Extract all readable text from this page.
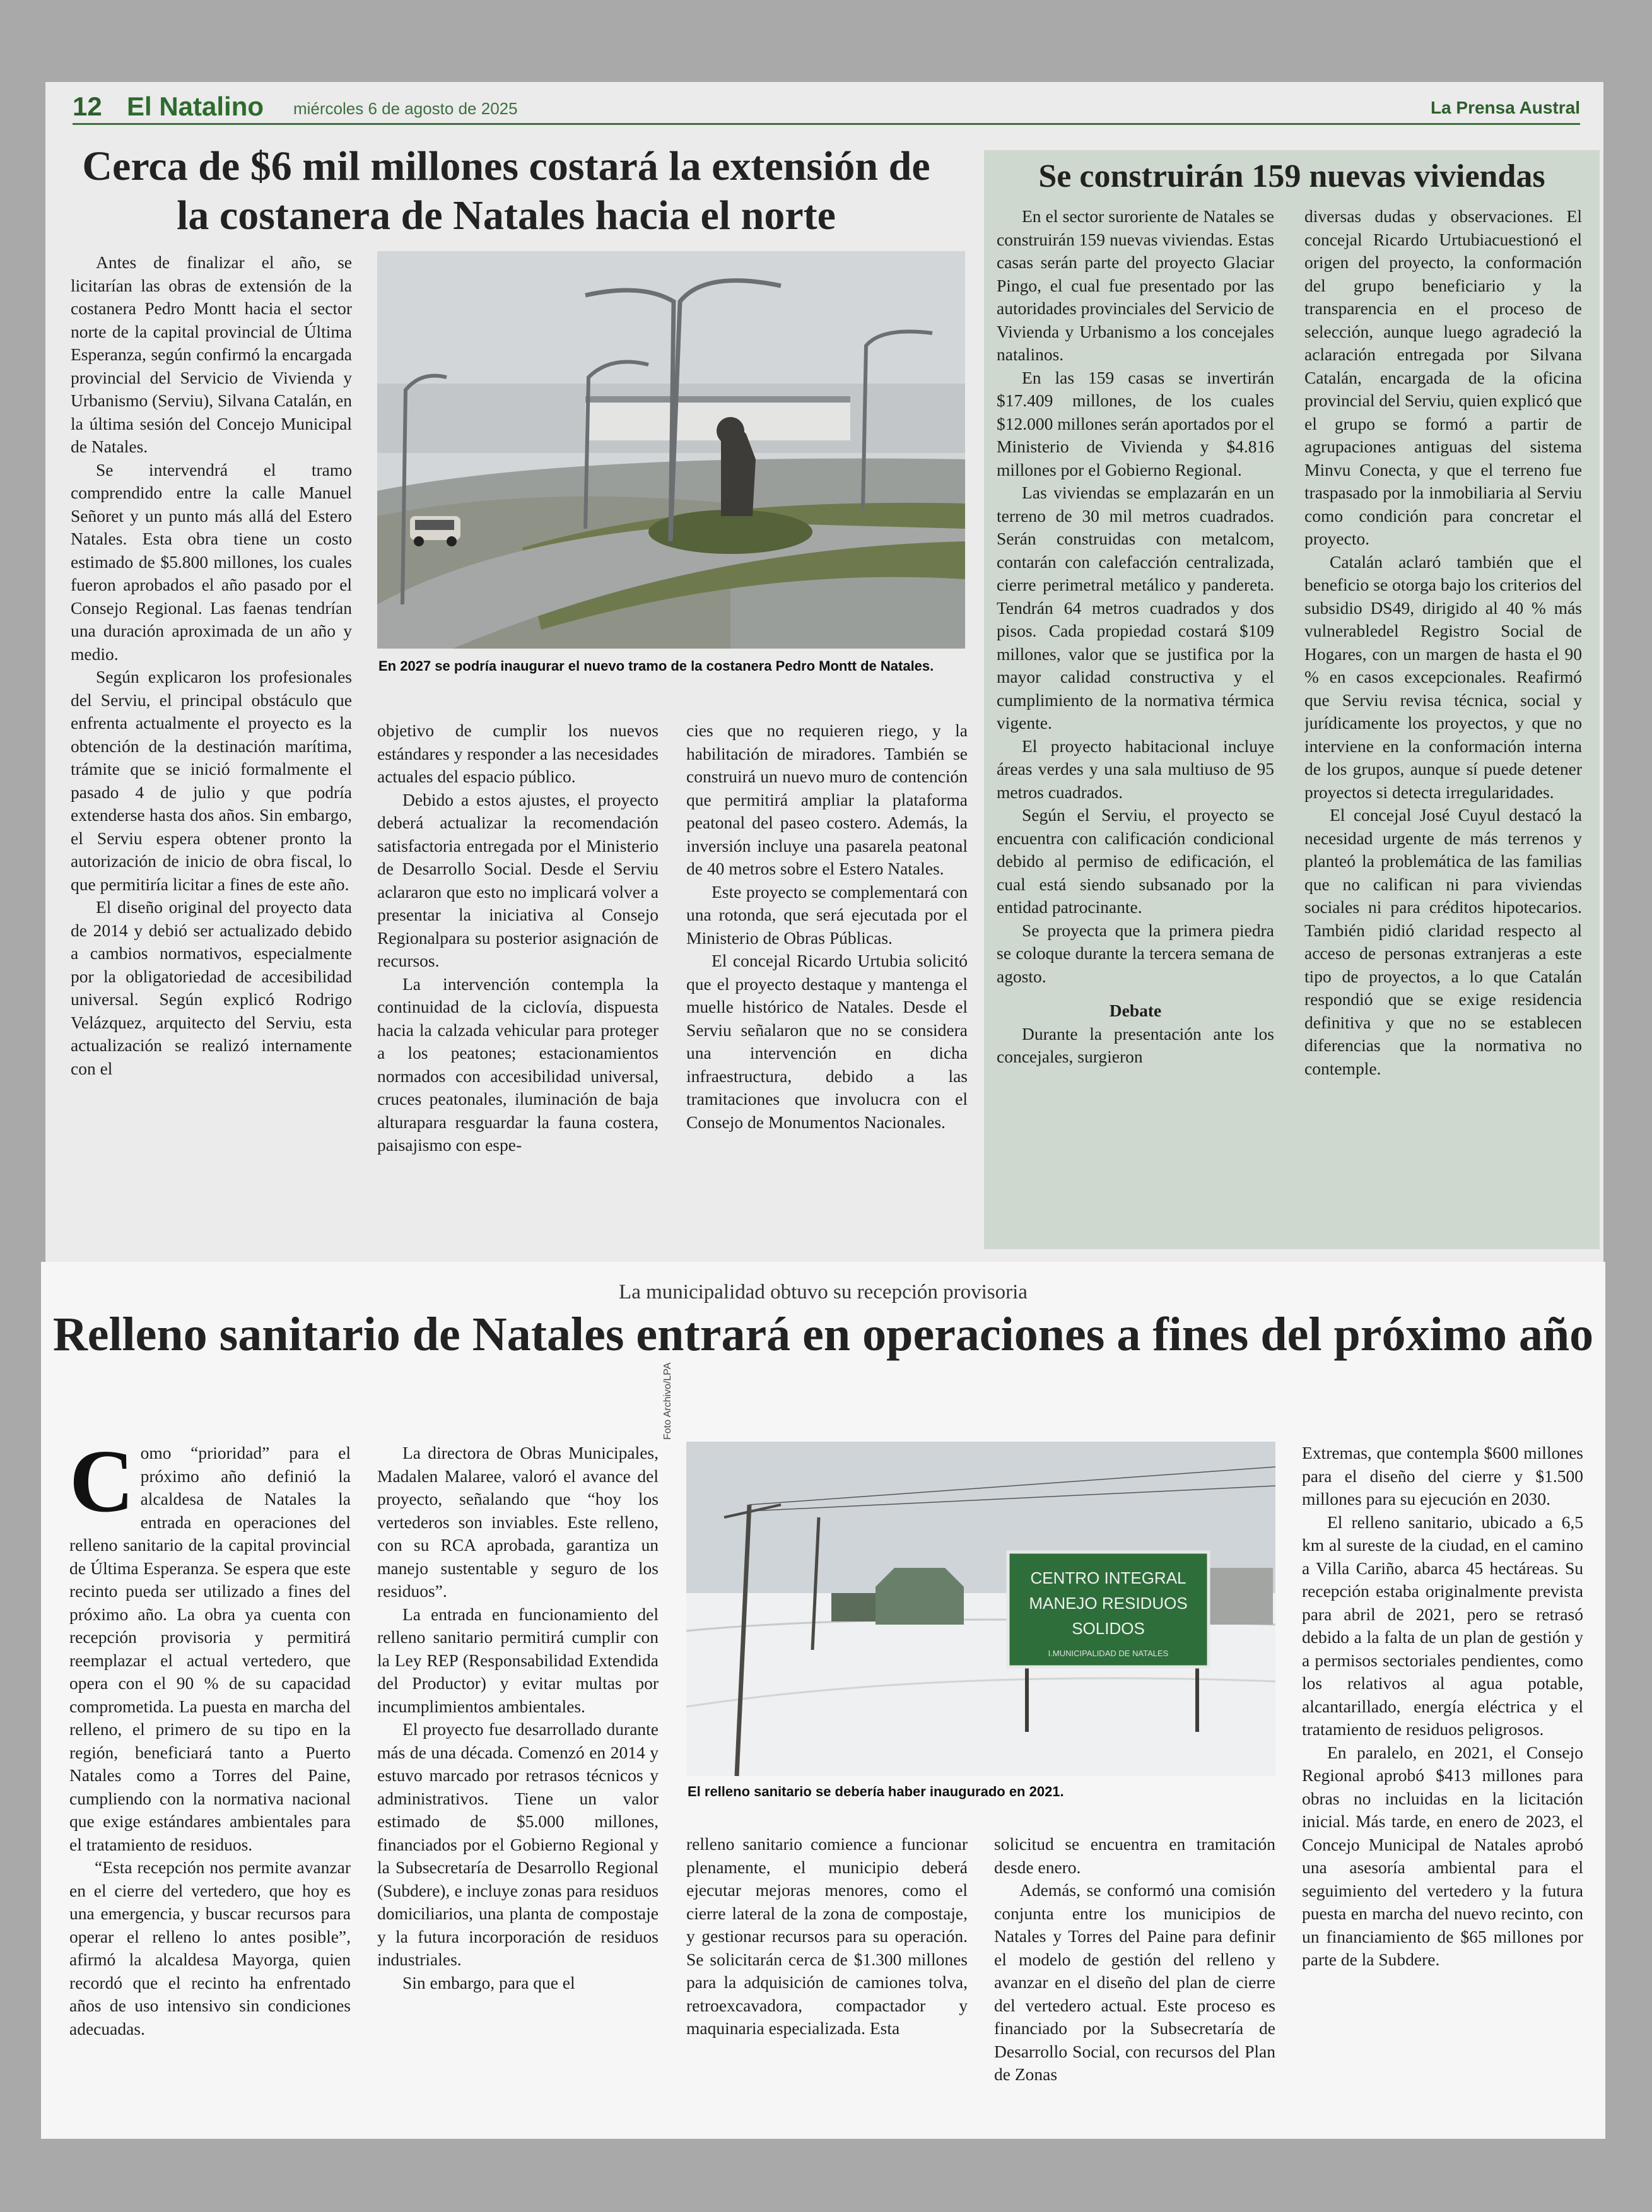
12 El Natalino miércoles 6 de agosto de 2025	La Prensa Austral
Cerca de $6 mil millones costará la extensión de la costanera de Natales hacia el norte
En 2027 se podría inaugurar el nuevo tramo de la costanera Pedro Montt de Natales.

Antes de finalizar el año, se licitarían las obras de extensión de la costanera Pedro Montt hacia el sector norte de la capital provincial de Última Esperanza, según confirmó la encargada provincial del Servicio de Vivienda y Urbanismo (Serviu), Silvana Catalán, en la última sesión del Concejo Municipal de Natales.

Se intervendrá el tramo comprendido entre la calle Manuel Señoret y un punto más allá del Estero Natales. Esta obra tiene un costo estimado de $5.800 millones, los cuales fueron aprobados el año pasado por el Consejo Regional. Las faenas tendrían una duración aproximada de un año y medio.

Según explicaron los profesionales del Serviu, el principal obstáculo que enfrenta actualmente el proyecto es la obtención de la destinación marítima, trámite que se inició formalmente el pasado 4 de julio y que podría extenderse hasta dos años. Sin embargo, el Serviu espera obtener pronto la autorización de inicio de obra fiscal, lo que permitiría licitar a fines de este año.

El diseño original del proyecto data de 2014 y debió ser actualizado debido a cambios normativos, especialmente por la obligatoriedad de accesibilidad universal. Según explicó Rodrigo Velázquez, arquitecto del Serviu, esta actualización se realizó internamente con el

objetivo de cumplir los nuevos estándares y responder a las necesidades actuales del espacio público.

Debido a estos ajustes, el proyecto deberá actualizar la recomendación satisfactoria entregada por el Ministerio de Desarrollo Social. Desde el Serviu aclararon que esto no implicará volver a presentar la iniciativa al Consejo Regionalpara su posterior asignación de recursos.

La intervención contempla la continuidad de la ciclovía, dispuesta hacia la calzada vehicular para proteger a los peatones; estacionamientos normados con accesibilidad universal, cruces peatonales, iluminación de baja alturapara resguardar la fauna costera, paisajismo con espe-

cies que no requieren riego, y la habilitación de miradores. También se construirá un nuevo muro de contención que permitirá ampliar la plataforma peatonal del paseo costero. Además, la inversión incluye una pasarela peatonal de 40 metros sobre el Estero Natales.

Este proyecto se complementará con una rotonda, que será ejecutada por el Ministerio de Obras Públicas.

El concejal Ricardo Urtubia solicitó que el proyecto destaque y mantenga el muelle histórico de Natales. Desde el Serviu señalaron que no se considera una intervención en dicha infraestructura, debido a las tramitaciones que involucra con el Consejo de Monumentos Nacionales.

Se construirán 159 nuevas viviendas

En el sector suroriente de Natales se construirán 159 nuevas viviendas. Estas casas serán parte del proyecto Glaciar Pingo, el cual fue presentado por las autoridades provinciales del Servicio de Vivienda y Urbanismo a los concejales natalinos.

En las 159 casas se invertirán $17.409 millones, de los cuales $12.000 millones serán aportados por el Ministerio de Vivienda y $4.816 millones por el Gobierno Regional.

Las viviendas se emplazarán en un terreno de 30 mil metros cuadrados. Serán construidas con metalcom, contarán con calefacción centralizada, cierre perimetral metálico y pandereta. Tendrán 64 metros cuadrados y dos pisos. Cada propiedad costará $109 millones, valor que se justifica por la mayor calidad constructiva y el cumplimiento de la normativa térmica vigente.

El proyecto habitacional incluye áreas verdes y una sala multiuso de 95 metros cuadrados.

Según el Serviu, el proyecto se encuentra con calificación condicional debido al permiso de edificación, el cual está siendo subsanado por la entidad patrocinante.

Se proyecta que la primera piedra se coloque durante la tercera semana de agosto.

Debate

Durante la presentación ante los concejales, surgieron

diversas dudas y observaciones. El concejal Ricardo Urtubiacuestionó el origen del proyecto, la conformación del grupo beneficiario y la transparencia en el proceso de selección, aunque luego agradeció la aclaración entregada por Silvana Catalán, encargada de la oficina provincial del Serviu, quien explicó que el grupo se formó a partir de agrupaciones antiguas del sistema Minvu Conecta, y que el terreno fue traspasado por la inmobiliaria al Serviu como condición para concretar el proyecto.

Catalán aclaró también que el beneficio se otorga bajo los criterios del subsidio DS49, dirigido al 40 % más vulnerabledel Registro Social de Hogares, con un margen de hasta el 90 % en casos excepcionales. Reafirmó que Serviu revisa técnica, social y jurídicamente los proyectos, y que no interviene en la conformación interna de los grupos, aunque sí puede detener proyectos si detecta irregularidades.

El concejal José Cuyul destacó la necesidad urgente de más terrenos y planteó la problemática de las familias que no califican ni para viviendas sociales ni para créditos hipotecarios. También pidió claridad respecto al acceso de personas extranjeras a este tipo de proyectos, a lo que Catalán respondió que se exige residencia definitiva y que no se establecen diferencias que la normativa no contemple.

La municipalidad obtuvo su recepción provisoria
Relleno sanitario de Natales entrará en operaciones a fines del próximo año
CENTRO INTEGRAL
MANEJO RESIDUOS
SOLIDOS
I.MUNICIPALIDAD DE NATALES
Foto Archivo/LPA
El relleno sanitario se debería haber inaugurado en 2021.
C omo “prioridad” para el próximo año definió la alcaldesa de Natales la entrada en operaciones del relleno sanitario de la capital provincial de Última Esperanza. Se espera que este recinto pueda ser utilizado a fines del próximo año. La obra ya cuenta con recepción provisoria y permitirá reemplazar el actual vertedero, que opera con el 90 % de su capacidad comprometida. La puesta en marcha del relleno, el primero de su tipo en la región, beneficiará tanto a Puerto Natales como a Torres del Paine, cumpliendo con la normativa nacional que exige estándares ambientales para el tratamiento de residuos.

“Esta recepción nos permite avanzar en el cierre del vertedero, que hoy es una emergencia, y buscar recursos para operar el relleno lo antes posible”, afirmó la alcaldesa Mayorga, quien recordó que el recinto ha enfrentado años de uso intensivo sin condiciones adecuadas.

La directora de Obras Municipales, Madalen Malaree, valoró el avance del proyecto, señalando que “hoy los vertederos son inviables. Este relleno, con su RCA aprobada, garantiza un manejo sustentable y seguro de los residuos”.

La entrada en funcionamiento del relleno sanitario permitirá cumplir con la Ley REP (Responsabilidad Extendida del Productor) y evitar multas por incumplimientos ambientales.

El proyecto fue desarrollado durante más de una década. Comenzó en 2014 y estuvo marcado por retrasos técnicos y administrativos. Tiene un valor estimado de $5.000 millones, financiados por el Gobierno Regional y la Subsecretaría de Desarrollo Regional (Subdere), e incluye zonas para residuos domiciliarios, una planta de compostaje y la futura incorporación de residuos industriales.

Sin embargo, para que el

relleno sanitario comience a funcionar plenamente, el municipio deberá ejecutar mejoras menores, como el cierre lateral de la zona de compostaje, y gestionar recursos para su operación. Se solicitarán cerca de $1.300 millones para la adquisición de camiones tolva, retroexcavadora, compactador y maquinaria especializada. Esta

solicitud se encuentra en tramitación desde enero.

Además, se conformó una comisión conjunta entre los municipios de Natales y Torres del Paine para definir el modelo de gestión del relleno y avanzar en el diseño del plan de cierre del vertedero actual. Este proceso es financiado por la Subsecretaría de Desarrollo Social, con recursos del Plan de Zonas

Extremas, que contempla $600 millones para el diseño del cierre y $1.500 millones para su ejecución en 2030.

El relleno sanitario, ubicado a 6,5 km al sureste de la ciudad, en el camino a Villa Cariño, abarca 45 hectáreas. Su recepción estaba originalmente prevista para abril de 2021, pero se retrasó debido a la falta de un plan de gestión y a permisos sectoriales pendientes, como los relativos al agua potable, alcantarillado, energía eléctrica y el tratamiento de residuos peligrosos.

En paralelo, en 2021, el Consejo Regional aprobó $413 millones para obras no incluidas en la licitación inicial. Más tarde, en enero de 2023, el Concejo Municipal de Natales aprobó una asesoría ambiental para el seguimiento del vertedero y la futura puesta en marcha del nuevo recinto, con un financiamiento de $65 millones por parte de la Subdere.
